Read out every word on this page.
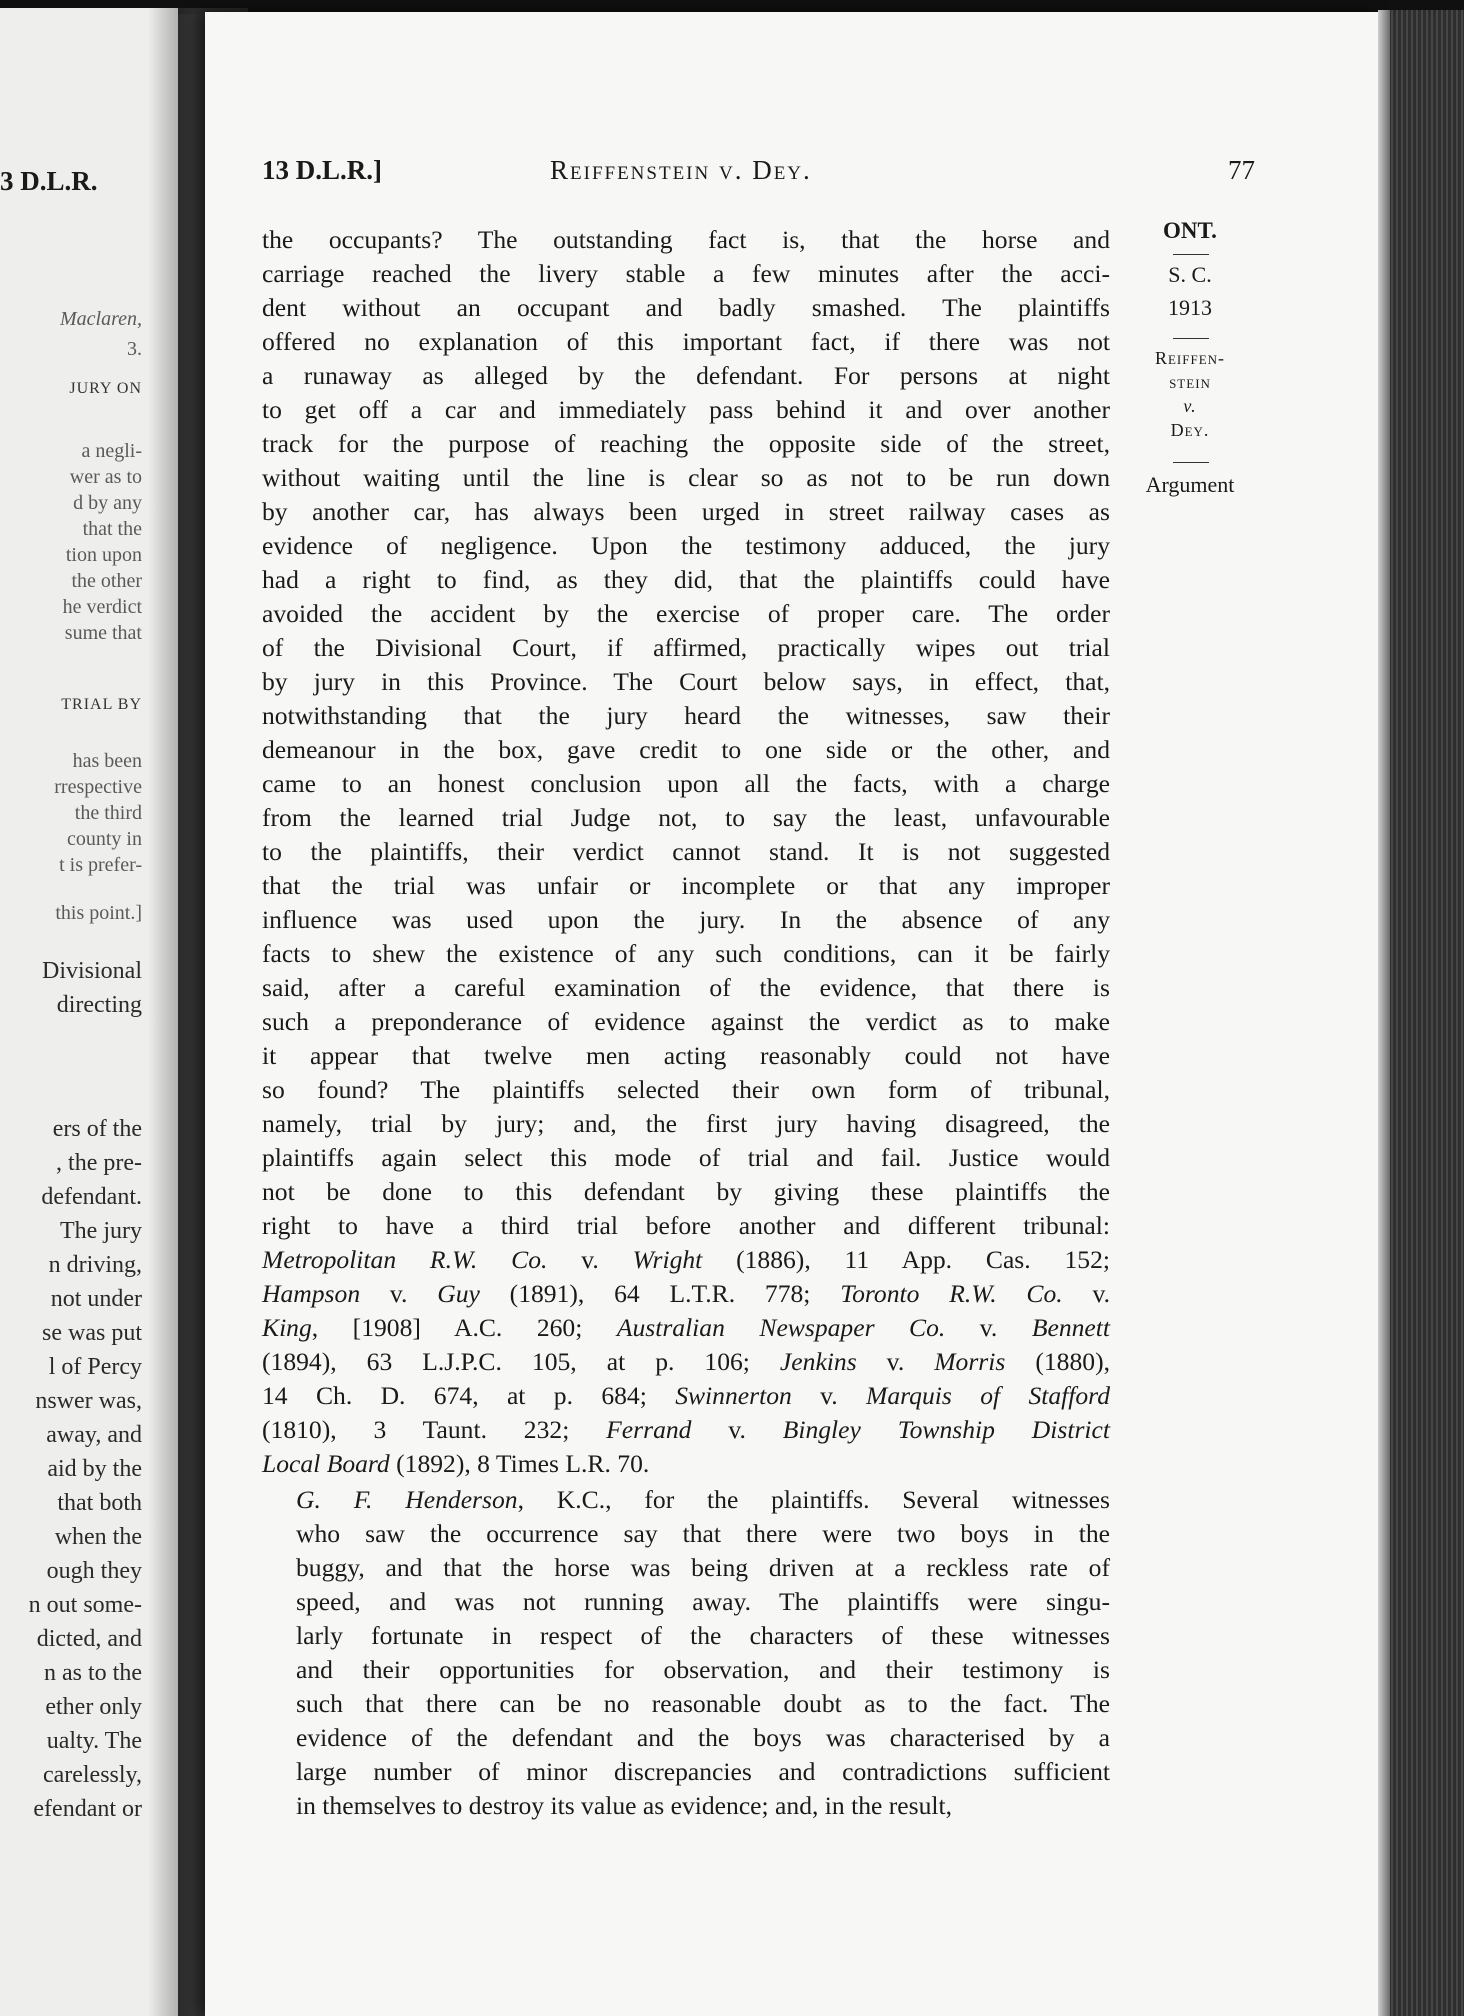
3 D.L.R.
Maclaren,
3.
JURY ON
a negli-
wer as to
d by any
that the
tion upon
the other
he verdict
sume that
TRIAL BY
has been
rrespective
the third
county in
t is prefer-
this point.]
Divisional
directing
ers of the
, the pre-
defendant.
The jury
n driving,
not under
se was put
l of Percy
nswer was,
away, and
aid by the
that both
when the
ough they
n out some-
dicted, and
n as to the
ether only
ualty. The
carelessly,
efendant or
13 D.L.R.]	Reiffenstein v. Dey.	77
ONT.
S. C.
1913
Reiffen-
stein
v.
Dey.
Argument

the occupants? The outstanding fact is, that the horse and
carriage reached the livery stable a few minutes after the acci-
dent without an occupant and badly smashed. The plaintiffs
offered no explanation of this important fact, if there was not
a runaway as alleged by the defendant. For persons at night
to get off a car and immediately pass behind it and over another
track for the purpose of reaching the opposite side of the street,
without waiting until the line is clear so as not to be run down
by another car, has always been urged in street railway cases as
evidence of negligence. Upon the testimony adduced, the jury
had a right to find, as they did, that the plaintiffs could have
avoided the accident by the exercise of proper care. The order
of the Divisional Court, if affirmed, practically wipes out trial
by jury in this Province. The Court below says, in effect, that,
notwithstanding that the jury heard the witnesses, saw their
demeanour in the box, gave credit to one side or the other, and
came to an honest conclusion upon all the facts, with a charge
from the learned trial Judge not, to say the least, unfavourable
to the plaintiffs, their verdict cannot stand. It is not suggested
that the trial was unfair or incomplete or that any improper
influence was used upon the jury. In the absence of any
facts to shew the existence of any such conditions, can it be fairly
said, after a careful examination of the evidence, that there is
such a preponderance of evidence against the verdict as to make
it appear that twelve men acting reasonably could not have
so found? The plaintiffs selected their own form of tribunal,
namely, trial by jury; and, the first jury having disagreed, the
plaintiffs again select this mode of trial and fail. Justice would
not be done to this defendant by giving these plaintiffs the
right to have a third trial before another and different tribunal:
Metropolitan R.W. Co. v. Wright (1886), 11 App. Cas. 152;
Hampson v. Guy (1891), 64 L.T.R. 778; Toronto R.W. Co. v.
King, [1908] A.C. 260; Australian Newspaper Co. v. Bennett
(1894), 63 L.J.P.C. 105, at p. 106; Jenkins v. Morris (1880),
14 Ch. D. 674, at p. 684; Swinnerton v. Marquis of Stafford
(1810), 3 Taunt. 232; Ferrand v. Bingley Township District
Local Board (1892), 8 Times L.R. 70.

G. F. Henderson, K.C., for the plaintiffs. Several witnesses
who saw the occurrence say that there were two boys in the
buggy, and that the horse was being driven at a reckless rate of
speed, and was not running away. The plaintiffs were singu-
larly fortunate in respect of the characters of these witnesses
and their opportunities for observation, and their testimony is
such that there can be no reasonable doubt as to the fact. The
evidence of the defendant and the boys was characterised by a
large number of minor discrepancies and contradictions sufficient
in themselves to destroy its value as evidence; and, in the result,
